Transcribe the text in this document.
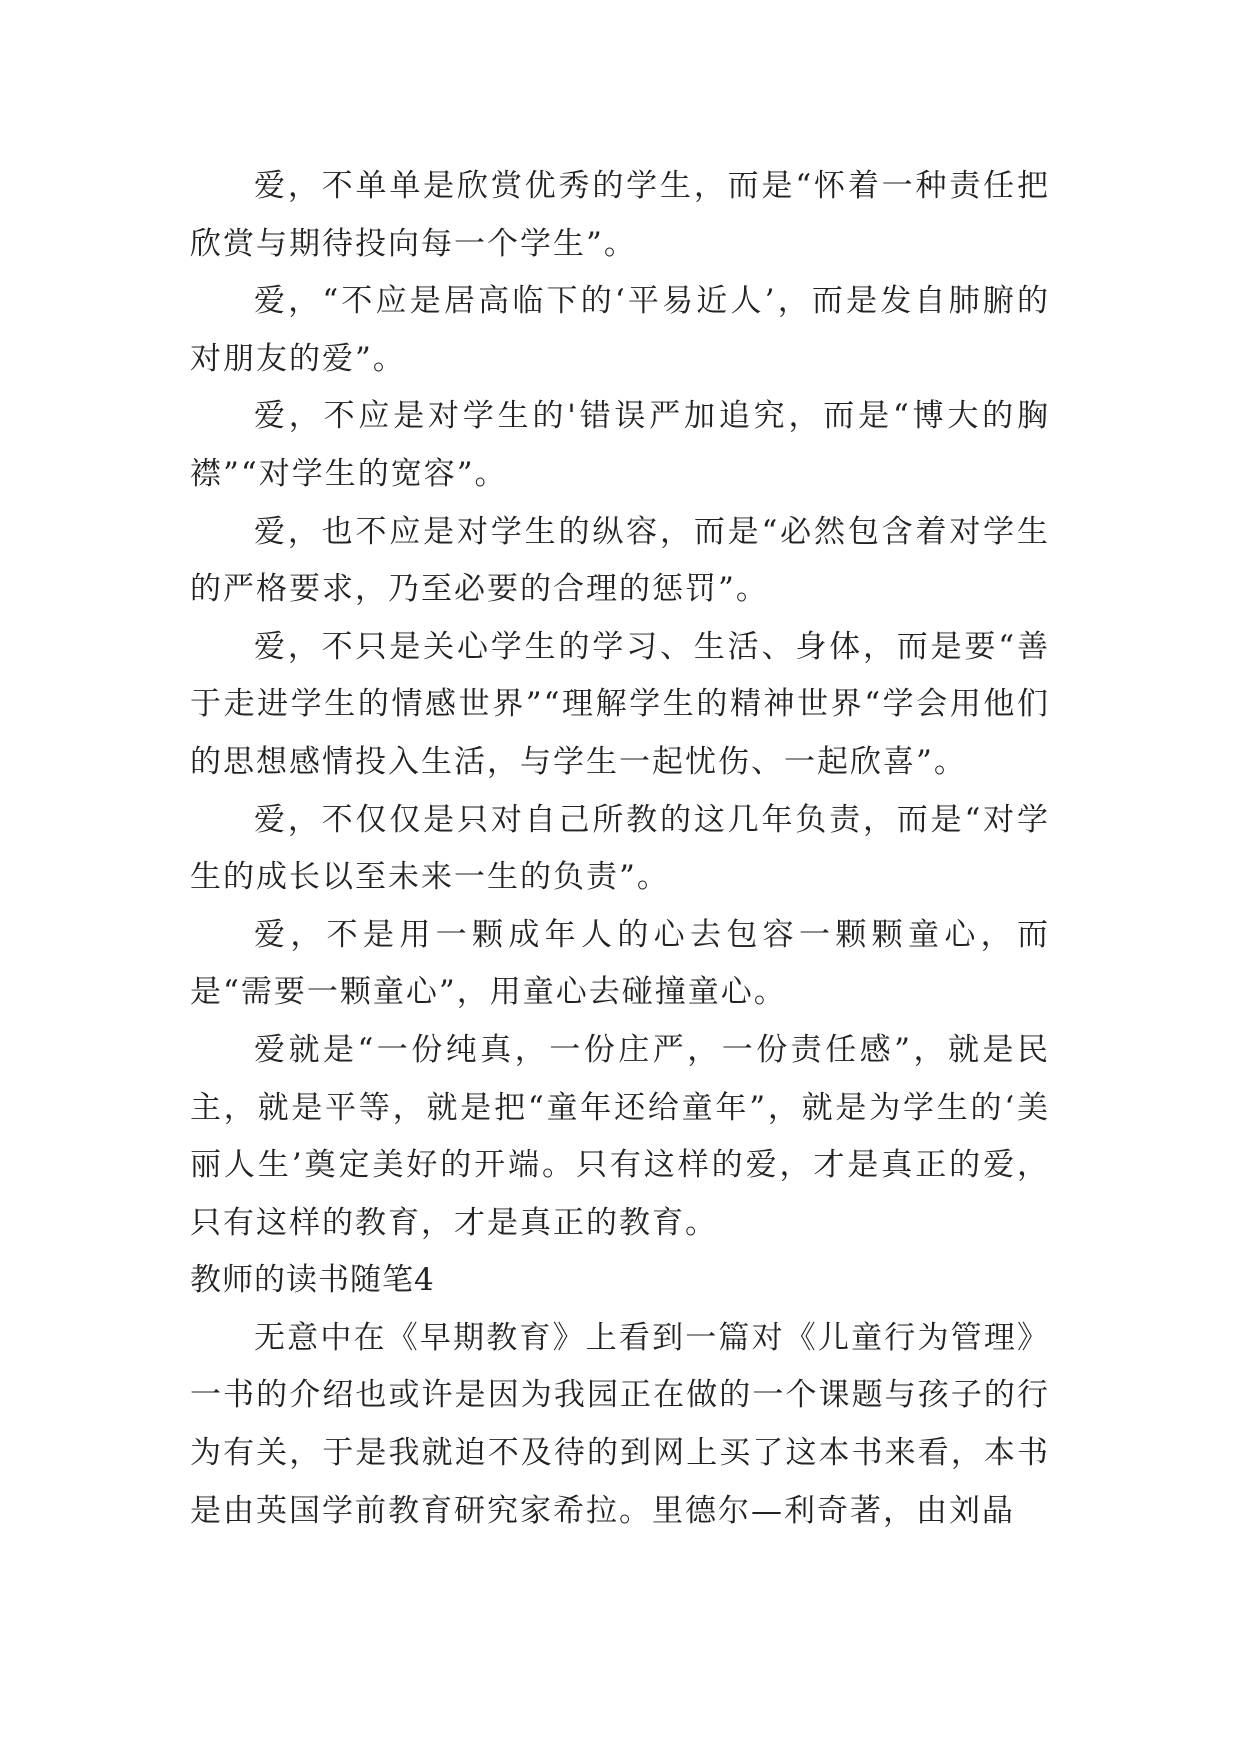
爱，不单单是欣赏优秀的学生，而是“怀着一种责任把欣赏与期待投向每一个学生”。

爱，“不应是居高临下的‘平易近人’，而是发自肺腑的对朋友的爱”。

爱，不应是对学生的'错误严加追究，而是“博大的胸襟”“对学生的宽容”。

爱，也不应是对学生的纵容，而是“必然包含着对学生的严格要求，乃至必要的合理的惩罚”。

爱，不只是关心学生的学习、生活、身体，而是要“善于走进学生的情感世界”“理解学生的精神世界“学会用他们的思想感情投入生活，与学生一起忧伤、一起欣喜”。

爱，不仅仅是只对自己所教的这几年负责，而是“对学生的成长以至未来一生的负责”。

爱，不是用一颗成年人的心去包容一颗颗童心，而是“需要一颗童心”，用童心去碰撞童心。

爱就是“一份纯真，一份庄严，一份责任感”，就是民主，就是平等，就是把“童年还给童年”，就是为学生的‘美丽人生’奠定美好的开端。只有这样的爱，才是真正的爱，只有这样的教育，才是真正的教育。

教师的读书随笔4

无意中在《早期教育》上看到一篇对《儿童行为管理》一书的介绍也或许是因为我园正在做的一个课题与孩子的行为有关，于是我就迫不及待的到网上买了这本书来看，本书是由英国学前教育研究家希拉。里德尔—利奇著，由刘晶
